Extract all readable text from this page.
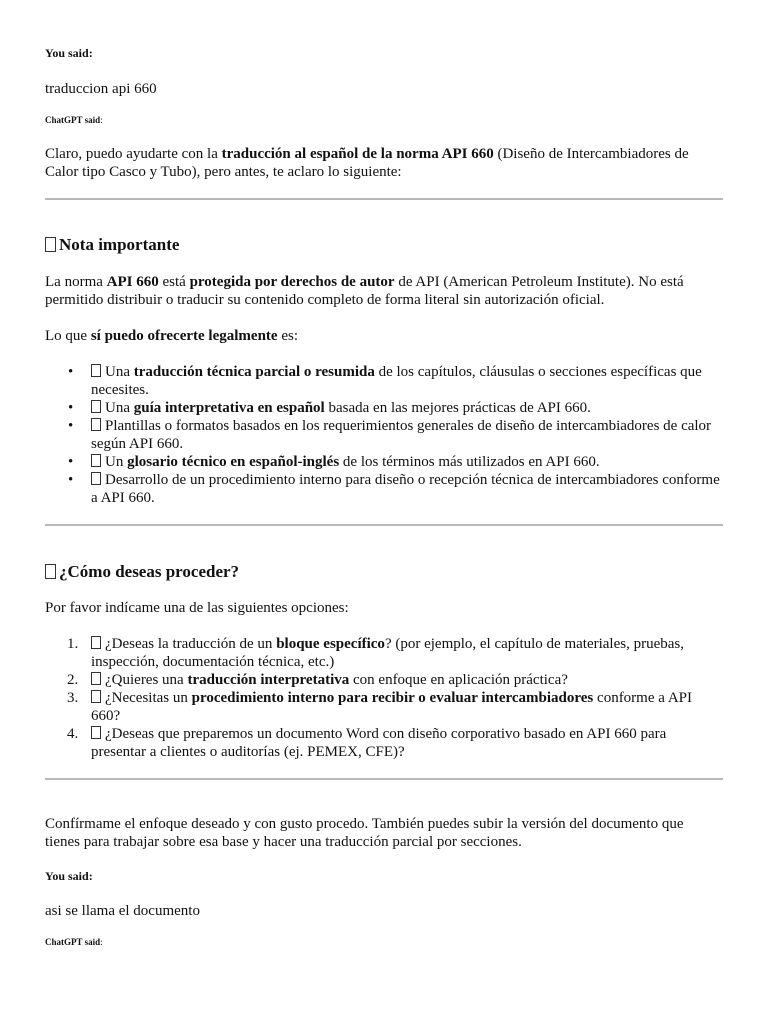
You said:
traduccion api 660
ChatGPT said:
Claro, puedo ayudarte con la traducción al español de la norma API 660 (Diseño de Intercambiadores de Calor tipo Casco y Tubo), pero antes, te aclaro lo siguiente:
Nota importante
La norma API 660 está protegida por derechos de autor de API (American Petroleum Institute). No está permitido distribuir o traducir su contenido completo de forma literal sin autorización oficial.
Lo que sí puedo ofrecerte legalmente es:
• Una traducción técnica parcial o resumida de los capítulos, cláusulas o secciones específicas que necesites.
• Una guía interpretativa en español basada en las mejores prácticas de API 660.
• Plantillas o formatos basados en los requerimientos generales de diseño de intercambiadores de calor según API 660.
• Un glosario técnico en español-inglés de los términos más utilizados en API 660.
• Desarrollo de un procedimiento interno para diseño o recepción técnica de intercambiadores conforme a API 660.
¿Cómo deseas proceder?
Por favor indícame una de las siguientes opciones:
1. ¿Deseas la traducción de un bloque específico? (por ejemplo, el capítulo de materiales, pruebas, inspección, documentación técnica, etc.)
2. ¿Quieres una traducción interpretativa con enfoque en aplicación práctica?
3. ¿Necesitas un procedimiento interno para recibir o evaluar intercambiadores conforme a API 660?
4. ¿Deseas que preparemos un documento Word con diseño corporativo basado en API 660 para presentar a clientes o auditorías (ej. PEMEX, CFE)?
Confírmame el enfoque deseado y con gusto procedo. También puedes subir la versión del documento que tienes para trabajar sobre esa base y hacer una traducción parcial por secciones.
You said:
asi se llama el documento
ChatGPT said:
